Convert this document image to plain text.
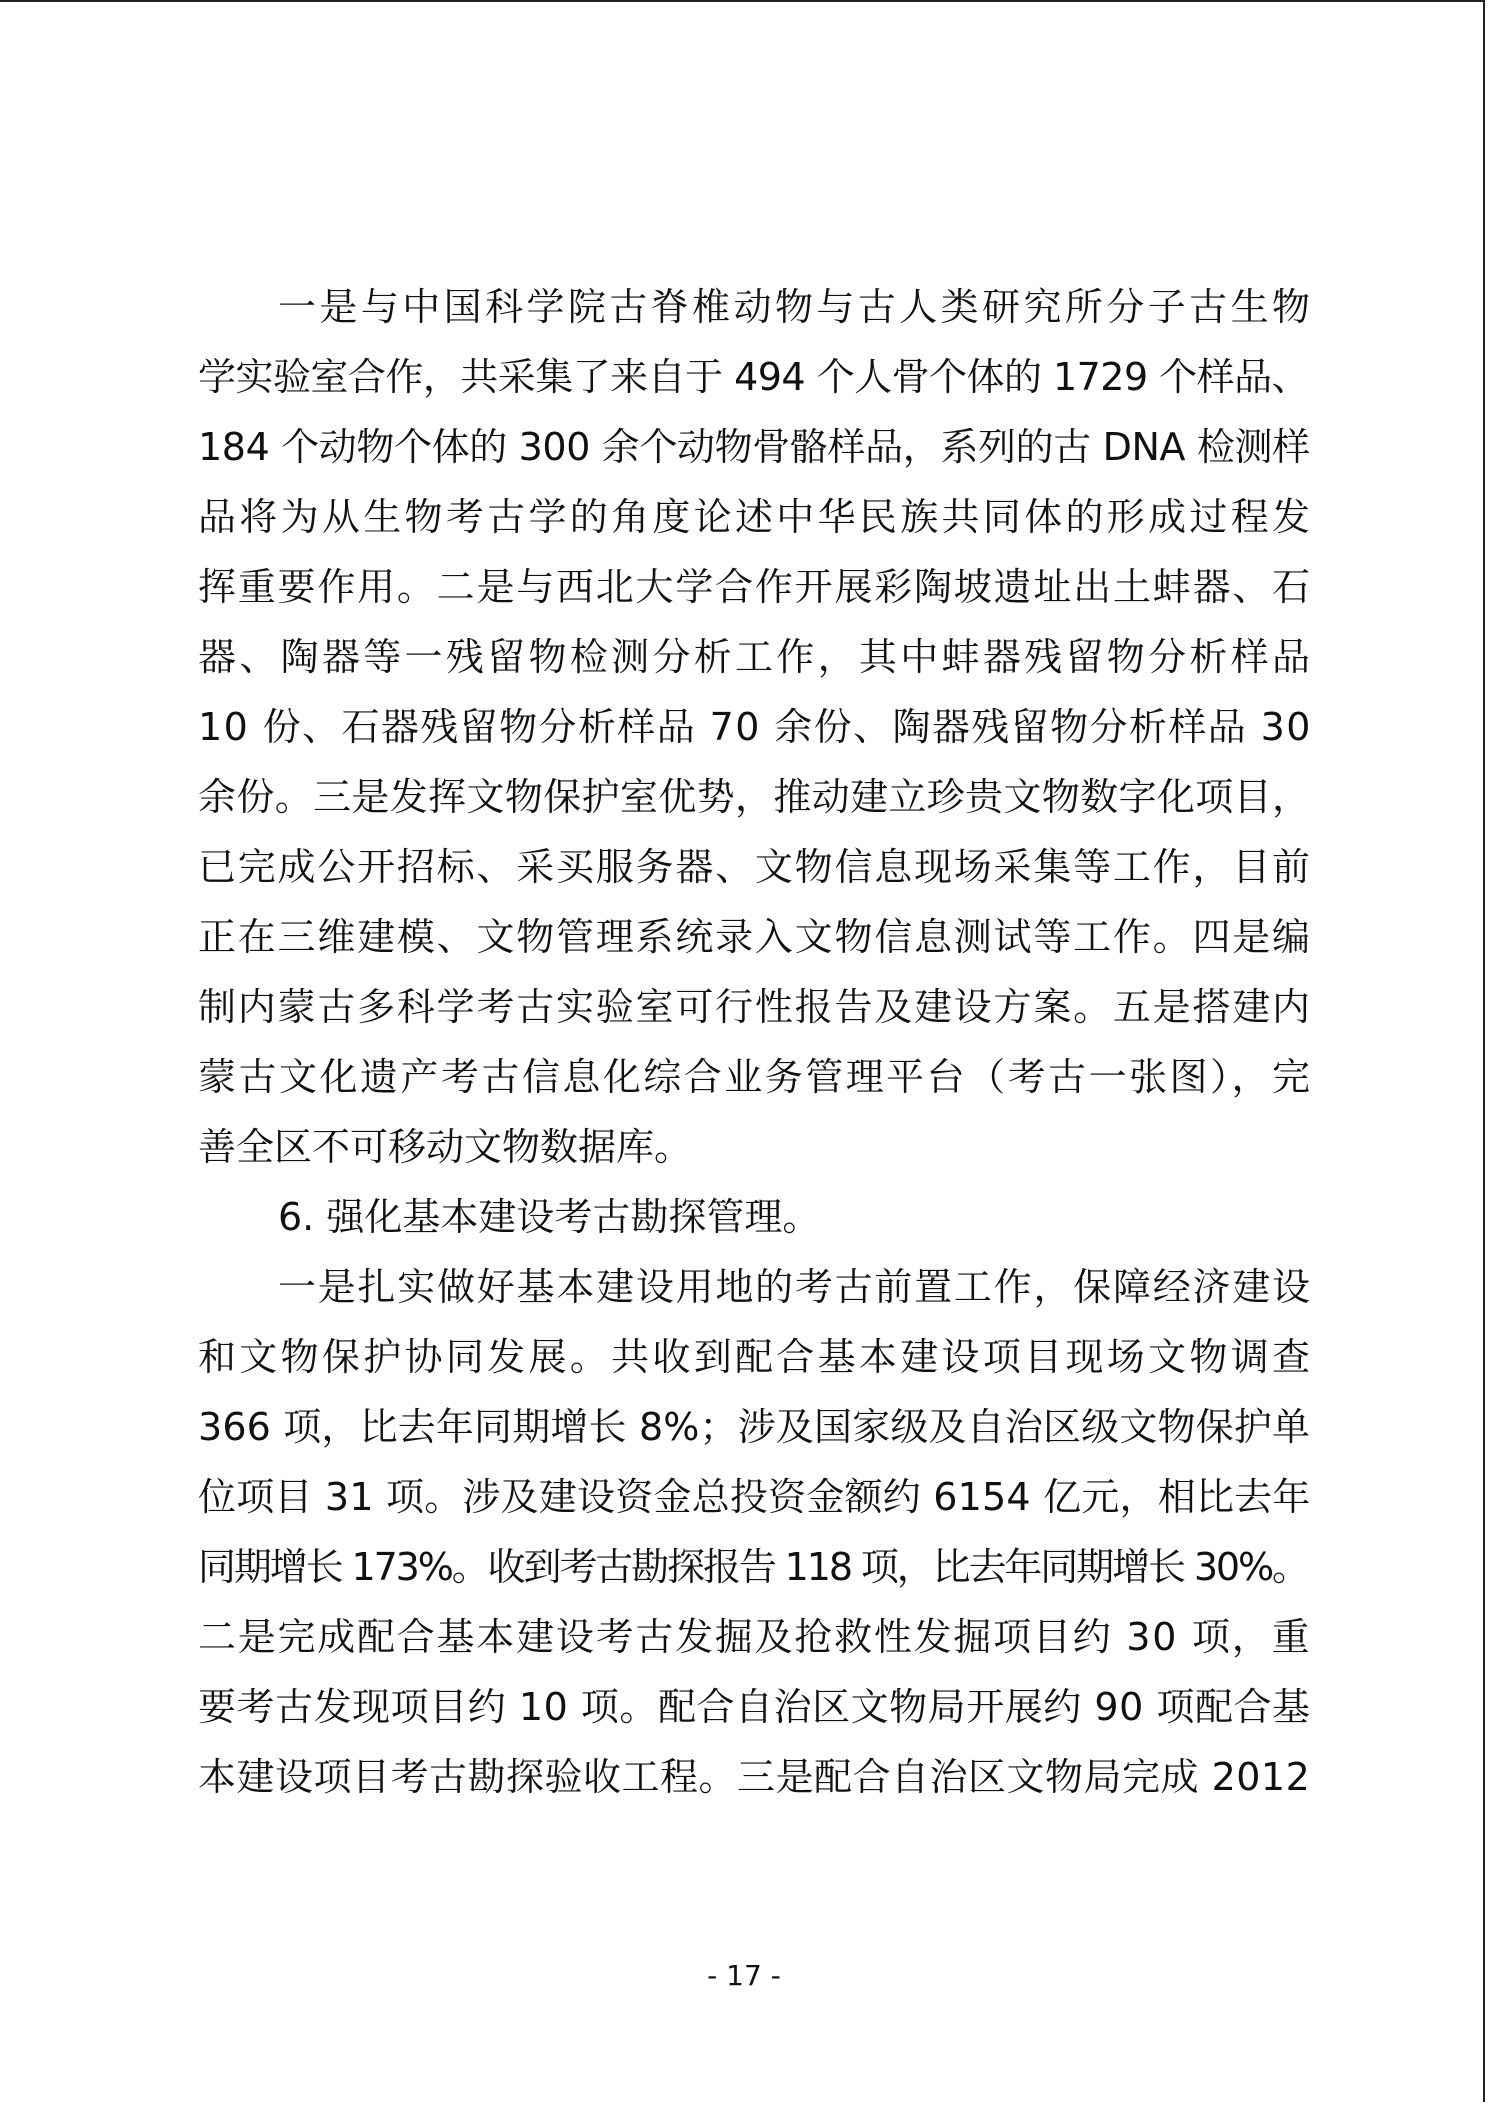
一是与中国科学院古脊椎动物与古人类研究所分子古生物
学实验室合作，共采集了来自于 494 个人骨个体的 1729 个样品、
184 个动物个体的 300 余个动物骨骼样品，系列的古 DNA 检测样
品将为从生物考古学的角度论述中华民族共同体的形成过程发
挥重要作用。二是与西北大学合作开展彩陶坡遗址出土蚌器、石
器、陶器等一残留物检测分析工作，其中蚌器残留物分析样品
10 份、石器残留物分析样品 70 余份、陶器残留物分析样品 30
余份。三是发挥文物保护室优势，推动建立珍贵文物数字化项目，
已完成公开招标、采买服务器、文物信息现场采集等工作，目前
正在三维建模、文物管理系统录入文物信息测试等工作。四是编
制内蒙古多科学考古实验室可行性报告及建设方案。五是搭建内
蒙古文化遗产考古信息化综合业务管理平台（考古一张图），完
善全区不可移动文物数据库。
6. 强化基本建设考古勘探管理。
一是扎实做好基本建设用地的考古前置工作，保障经济建设
和文物保护协同发展。共收到配合基本建设项目现场文物调查
366 项，比去年同期增长 8%；涉及国家级及自治区级文物保护单
位项目 31 项。涉及建设资金总投资金额约 6154 亿元，相比去年
同期增长 173%。收到考古勘探报告 118 项，比去年同期增长 30%。
二是完成配合基本建设考古发掘及抢救性发掘项目约 30 项，重
要考古发现项目约 10 项。配合自治区文物局开展约 90 项配合基
本建设项目考古勘探验收工程。三是配合自治区文物局完成 2012
- 17 -
